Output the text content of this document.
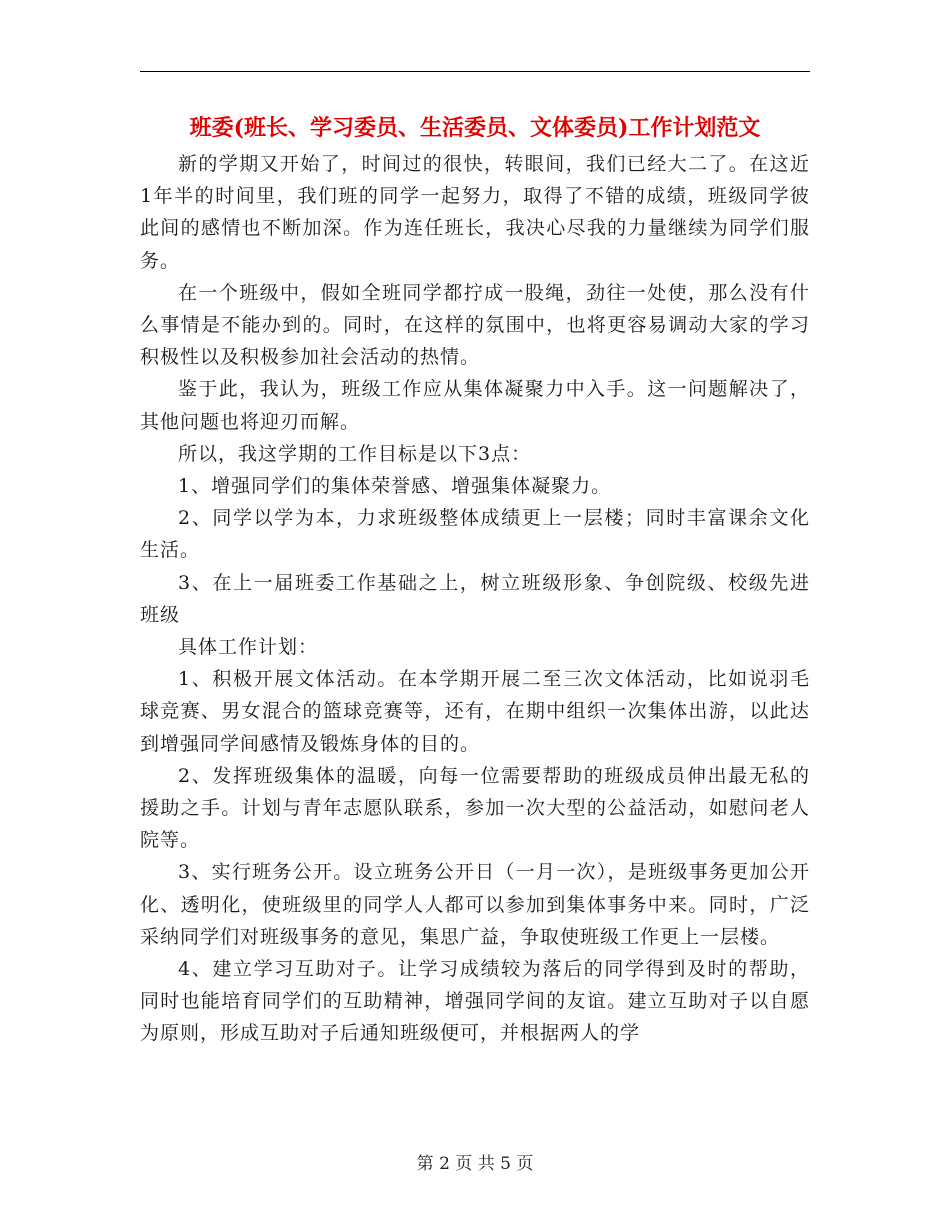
班委(班长、学习委员、生活委员、文体委员)工作计划范文

新的学期又开始了，时间过的很快，转眼间，我们已经大二了。在这近1年半的时间里，我们班的同学一起努力，取得了不错的成绩，班级同学彼此间的感情也不断加深。作为连任班长，我决心尽我的力量继续为同学们服务。

在一个班级中，假如全班同学都拧成一股绳，劲往一处使，那么没有什么事情是不能办到的。同时，在这样的氛围中，也将更容易调动大家的学习积极性以及积极参加社会活动的热情。

鉴于此，我认为，班级工作应从集体凝聚力中入手。这一问题解决了，其他问题也将迎刃而解。

所以，我这学期的工作目标是以下3点：

1、增强同学们的集体荣誉感、增强集体凝聚力。

2、同学以学为本，力求班级整体成绩更上一层楼；同时丰富课余文化生活。

3、在上一届班委工作基础之上，树立班级形象、争创院级、校级先进班级

具体工作计划：

1、积极开展文体活动。在本学期开展二至三次文体活动，比如说羽毛球竞赛、男女混合的篮球竞赛等，还有，在期中组织一次集体出游，以此达到增强同学间感情及锻炼身体的目的。

2、发挥班级集体的温暖，向每一位需要帮助的班级成员伸出最无私的援助之手。计划与青年志愿队联系，参加一次大型的公益活动，如慰问老人院等。

3、实行班务公开。设立班务公开日（一月一次），是班级事务更加公开化、透明化，使班级里的同学人人都可以参加到集体事务中来。同时，广泛采纳同学们对班级事务的意见，集思广益，争取使班级工作更上一层楼。

4、建立学习互助对子。让学习成绩较为落后的同学得到及时的帮助，同时也能培育同学们的互助精神，增强同学间的友谊。建立互助对子以自愿为原则，形成互助对子后通知班级便可，并根据两人的学

第 2 页 共 5 页
